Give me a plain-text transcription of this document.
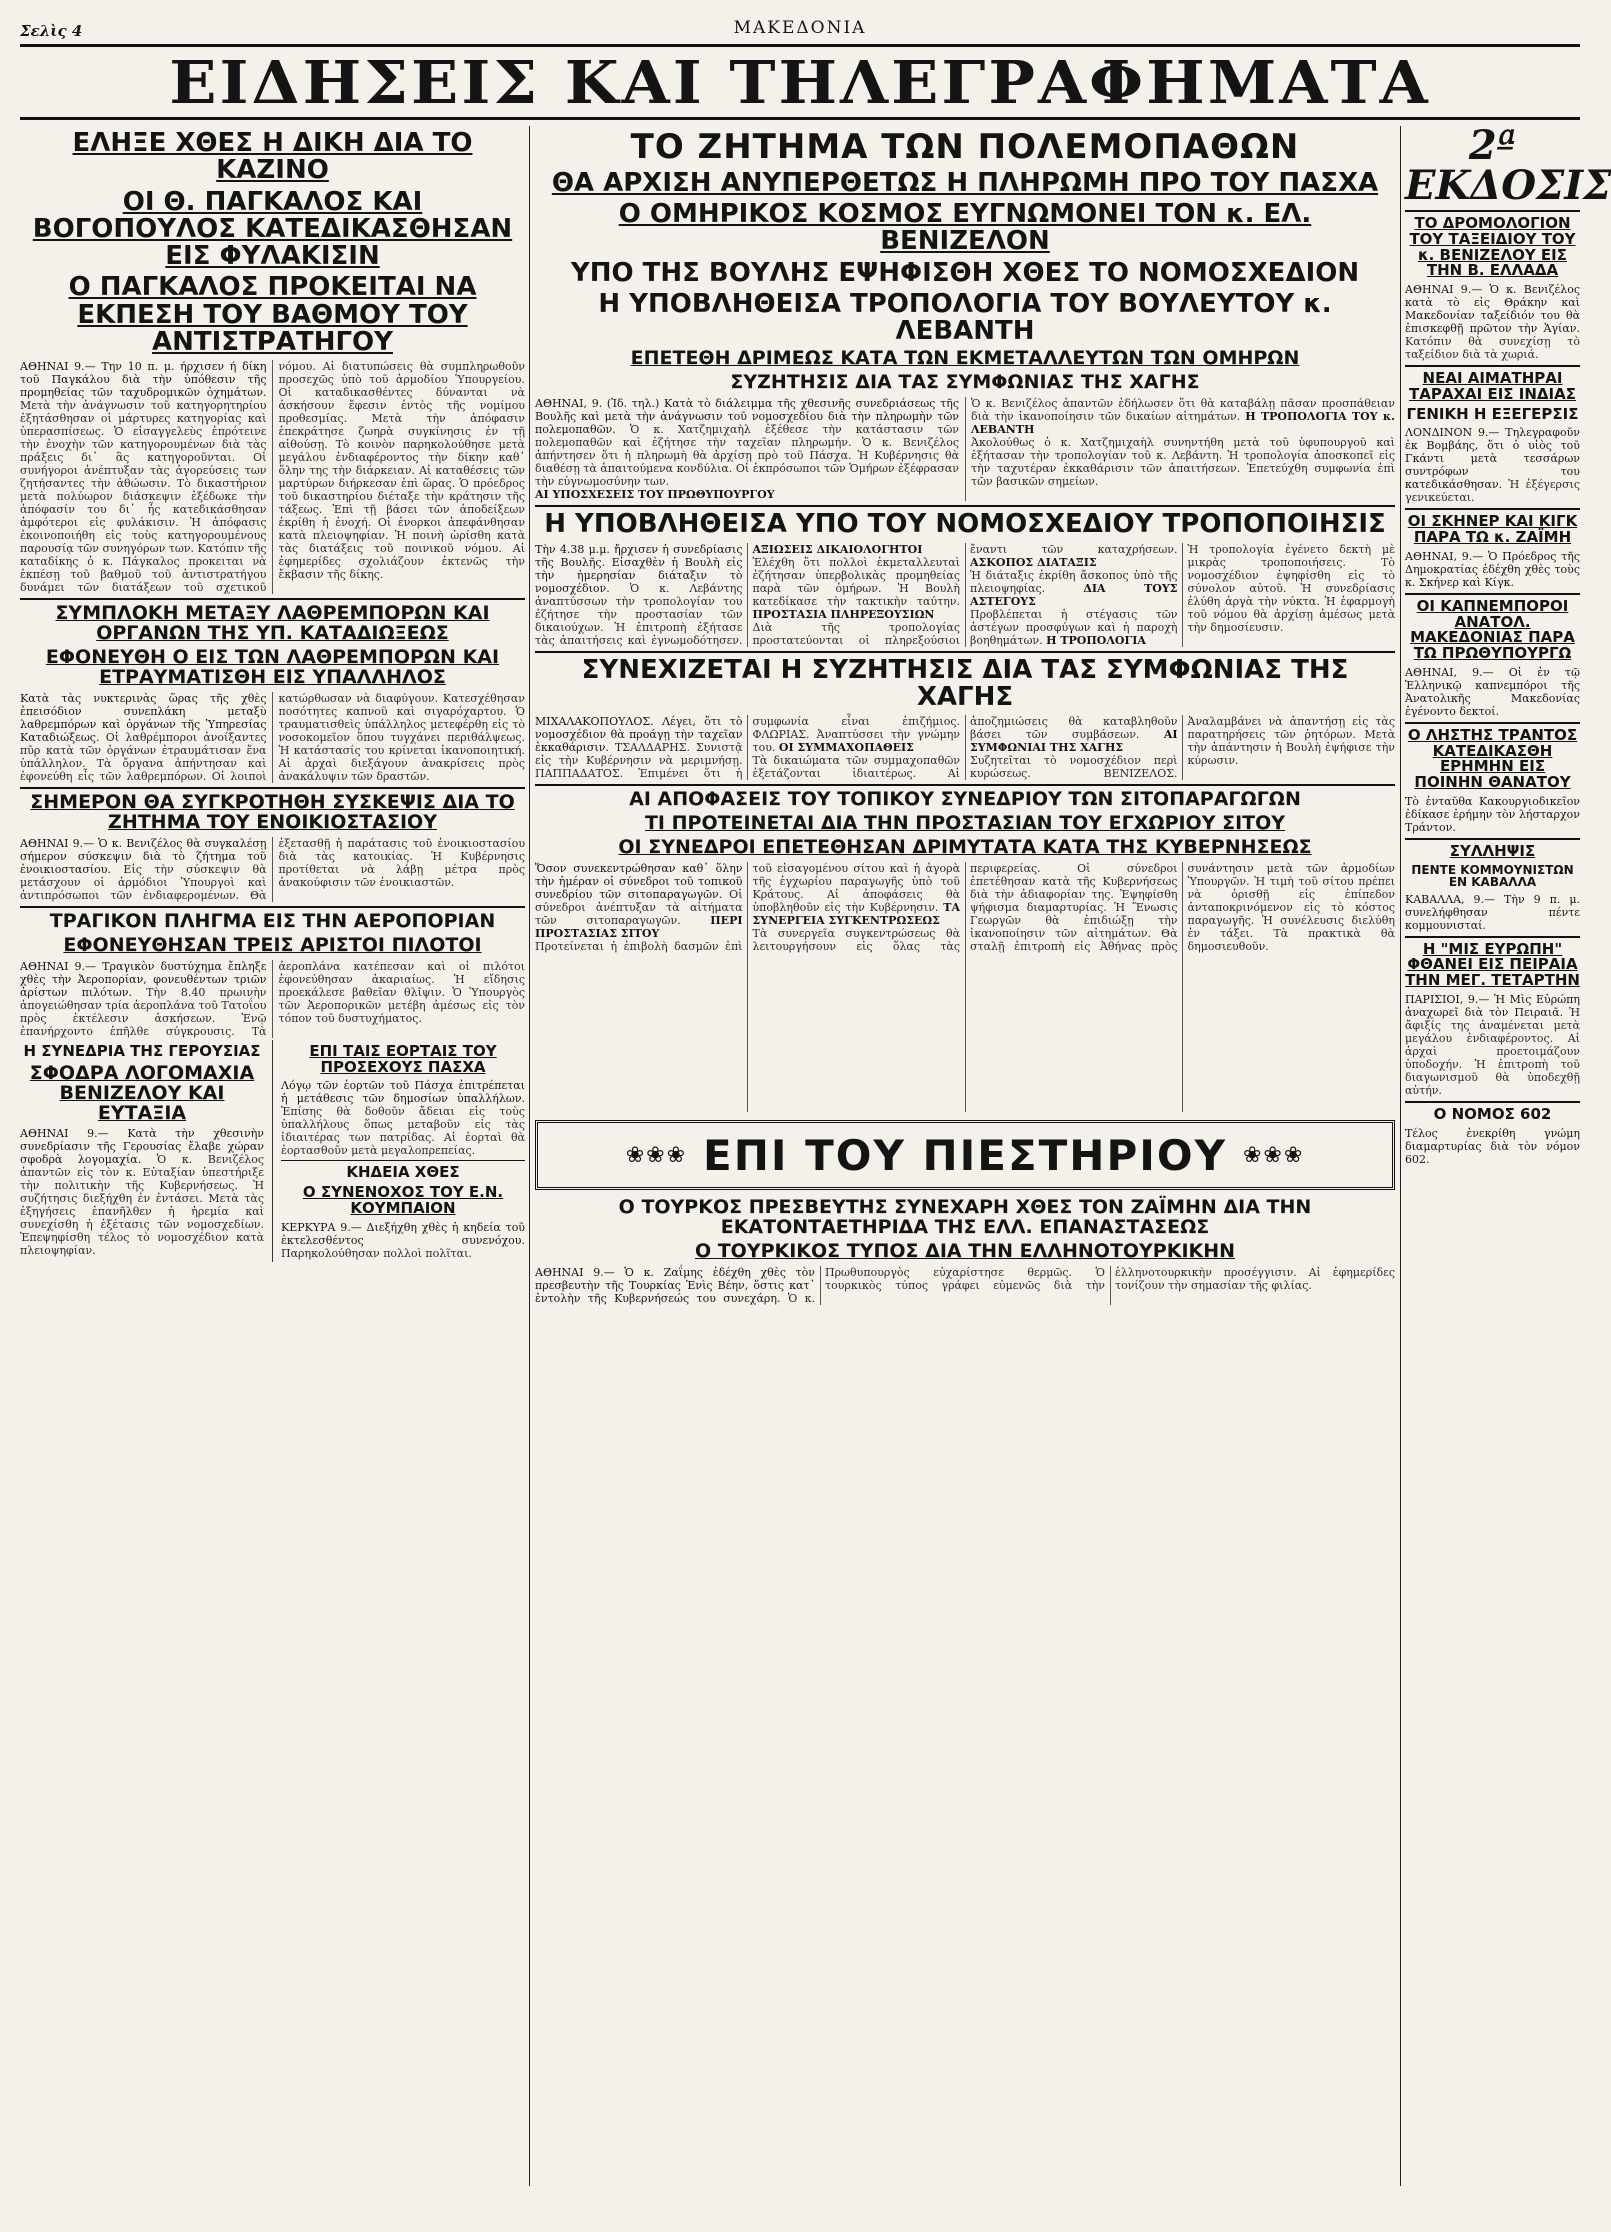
Σελὶς 4	ΜΑΚΕΔΟΝΙΑ
ΕΙΔΗΣΕΙΣ ΚΑΙ ΤΗΛΕΓΡΑΦΗΜΑΤΑ
ΕΛΗΞΕ ΧΘΕΣ Η ΔΙΚΗ ΔΙΑ ΤΟ ΚΑΖΙΝΟ
ΟΙ Θ. ΠΑΓΚΑΛΟΣ ΚΑΙ ΒΟΓΟΠΟΥΛΟΣ ΚΑΤΕΔΙΚΑΣΘΗΣΑΝ ΕΙΣ ΦΥΛΑΚΙΣΙΝ
Ο ΠΑΓΚΑΛΟΣ ΠΡΟΚΕΙΤΑΙ ΝΑ ΕΚΠΕΣΗ ΤΟΥ ΒΑΘΜΟΥ ΤΟΥ ΑΝΤΙΣΤΡΑΤΗΓΟΥ
ΑΘΗΝΑΙ 9.— Την 10 π. μ. ήρχισεν ή δίκη τοῦ Παγκάλου διὰ τὴν ὑπόθεσιν τῆς προμηθείας τῶν ταχυδρομικῶν ὀχημάτων. Μετὰ τὴν ἀνάγνωσιν τοῦ κατηγορητηρίου ἐξητάσθησαν οἱ μάρτυρες κατηγορίας καὶ ὑπερασπίσεως. Ὁ εἰσαγγελεὺς ἐπρότεινε τὴν ἐνοχὴν τῶν κατηγορουμένων διὰ τὰς πράξεις δι᾽ ἃς κατηγοροῦνται. Οἱ συνήγοροι ἀνέπτυξαν τὰς ἀγορεύσεις των ζητήσαντες τὴν ἀθώωσιν. Τὸ δικαστήριον μετὰ πολύωρον διάσκεψιν ἐξέδωκε τὴν ἀπόφασίν του δι᾽ ἧς κατεδικάσθησαν ἀμφότεροι εἰς φυλάκισιν. Ἡ ἀπόφασις ἐκοινοποιήθη εἰς τοὺς κατηγορουμένους παρουσίᾳ τῶν συνηγόρων των. Κατόπιν τῆς καταδίκης ὁ κ. Πάγκαλος προκειται νὰ ἐκπέσῃ τοῦ βαθμοῦ τοῦ ἀντιστρατήγου δυνάμει τῶν διατάξεων τοῦ σχετικοῦ νόμου. Αἱ διατυπώσεις θὰ συμπληρωθοῦν προσεχῶς ὑπὸ τοῦ ἁρμοδίου Ὑπουργείου. Οἱ καταδικασθέντες δύνανται νὰ ἀσκήσουν ἔφεσιν ἐντὸς τῆς νομίμου προθεσμίας. Μετὰ τὴν ἀπόφασιν ἐπεκράτησε ζωηρὰ συγκίνησις ἐν τῇ αἰθούσῃ. Τὸ κοινὸν παρηκολούθησε μετὰ μεγάλου ἐνδιαφέροντος τὴν δίκην καθ᾽ ὅλην της τὴν διάρκειαν. Αἱ καταθέσεις τῶν μαρτύρων διήρκεσαν ἐπὶ ὥρας. Ὁ πρόεδρος τοῦ δικαστηρίου διέταξε τὴν κράτησιν τῆς τάξεως. Ἐπὶ τῇ βάσει τῶν ἀποδείξεων ἐκρίθη ἡ ἐνοχή. Οἱ ἐνορκοι ἀπεφάνθησαν κατὰ πλειοψηφίαν. Ἡ ποινὴ ὡρίσθη κατὰ τὰς διατάξεις τοῦ ποινικοῦ νόμου. Αἱ ἐφημερίδες σχολιάζουν ἐκτενῶς τὴν ἔκβασιν τῆς δίκης.
ΣΥΜΠΛΟΚΗ ΜΕΤΑΞΥ ΛΑΘΡΕΜΠΟΡΩΝ ΚΑΙ ΟΡΓΑΝΩΝ ΤΗΣ ΥΠ. ΚΑΤΑΔΙΩΞΕΩΣ
ΕΦΟΝΕΥΘΗ Ο ΕΙΣ ΤΩΝ ΛΑΘΡΕΜΠΟΡΩΝ ΚΑΙ ΕΤΡΑΥΜΑΤΙΣΘΗ ΕΙΣ ΥΠΑΛΛΗΛΟΣ
Κατὰ τὰς νυκτερινὰς ὥρας τῆς χθὲς ἐπεισόδιον συνεπλάκη μεταξὺ λαθρεμπόρων καὶ ὀργάνων τῆς Ὑπηρεσίας Καταδιώξεως. Οἱ λαθρέμποροι ἀνοίξαντες πῦρ κατὰ τῶν ὀργάνων ἐτραυμάτισαν ἕνα ὑπάλληλον. Τὰ ὄργανα ἀπήντησαν καὶ ἐφονεύθη εἷς τῶν λαθρεμπόρων. Οἱ λοιποὶ κατώρθωσαν νὰ διαφύγουν. Κατεσχέθησαν ποσότητες καπνοῦ καὶ σιγαρόχαρτου. Ὁ τραυματισθεὶς ὑπάλληλος μετεφέρθη εἰς τὸ νοσοκομεῖον ὅπου τυγχάνει περιθάλψεως. Ἡ κατάστασίς του κρίνεται ἱκανοποιητική. Αἱ ἀρχαὶ διεξάγουν ἀνακρίσεις πρὸς ἀνακάλυψιν τῶν δραστῶν.
ΣΗΜΕΡΟΝ ΘΑ ΣΥΓΚΡΟΤΗΘΗ ΣΥΣΚΕΨΙΣ ΔΙΑ ΤΟ ΖΗΤΗΜΑ ΤΟΥ ΕΝΟΙΚΙΟΣΤΑΣΙΟΥ
ΑΘΗΝΑΙ 9.— Ὁ κ. Βενιζέλος θὰ συγκαλέσῃ σήμερον σύσκεψιν διὰ τὸ ζήτημα τοῦ ἐνοικιοστασίου. Εἰς τὴν σύσκεψιν θὰ μετάσχουν οἱ ἁρμόδιοι Ὑπουργοὶ καὶ ἀντιπρόσωποι τῶν ἐνδιαφερομένων. Θὰ ἐξετασθῇ ἡ παράτασις τοῦ ἐνοικιοστασίου διὰ τὰς κατοικίας. Ἡ Κυβέρνησις προτίθεται νὰ λάβῃ μέτρα πρὸς ἀνακούφισιν τῶν ἐνοικιαστῶν.
ΤΡΑΓΙΚΟΝ ΠΛΗΓΜΑ ΕΙΣ ΤΗΝ ΑΕΡΟΠΟΡΙΑΝ
ΕΦΟΝΕΥΘΗΣΑΝ ΤΡΕΙΣ ΑΡΙΣΤΟΙ ΠΙΛΟΤΟΙ
ΑΘΗΝΑΙ 9.— Τραγικὸν δυστύχημα ἔπληξε χθὲς τὴν Ἀεροπορίαν, φονευθέντων τριῶν ἀρίστων πιλότων. Τὴν 8.40 πρωινὴν ἀπογειώθησαν τρία ἀεροπλάνα τοῦ Τατοΐου πρὸς ἐκτέλεσιν ἀσκήσεων. Ἐνῷ ἐπανήρχοντο ἐπῆλθε σύγκρουσις. Τὰ ἀεροπλάνα κατέπεσαν καὶ οἱ πιλότοι ἐφονεύθησαν ἀκαριαίως. Ἡ εἴδησις προεκάλεσε βαθεῖαν θλῖψιν. Ὁ Ὑπουργὸς τῶν Ἀεροπορικῶν μετέβη ἀμέσως εἰς τὸν τόπον τοῦ δυστυχήματος.
Η ΣΥΝΕΔΡΙΑ ΤΗΣ ΓΕΡΟΥΣΙΑΣ
ΣΦΟΔΡΑ ΛΟΓΟΜΑΧΙΑ ΒΕΝΙΖΕΛΟΥ ΚΑΙ ΕΥΤΑΞΙΑ
ΑΘΗΝΑΙ 9.— Κατὰ τὴν χθεσινὴν συνεδρίασιν τῆς Γερουσίας ἔλαβε χώραν σφοδρὰ λογομαχία. Ὁ κ. Βενιζέλος ἀπαντῶν εἰς τὸν κ. Εὐταξίαν ὑπεστήριξε τὴν πολιτικὴν τῆς Κυβερνήσεως. Ἡ συζήτησις διεξήχθη ἐν ἐντάσει. Μετὰ τὰς ἐξηγήσεις ἐπανῆλθεν ἡ ἠρεμία καὶ συνεχίσθη ἡ ἐξέτασις τῶν νομοσχεδίων. Ἐπεψηφίσθη τέλος τὸ νομοσχέδιον κατὰ πλειοψηφίαν.
ΕΠΙ ΤΑΙΣ ΕΟΡΤΑΙΣ ΤΟΥ ΠΡΟΣΕΧΟΥΣ ΠΑΣΧΑ
Λόγῳ τῶν ἑορτῶν τοῦ Πάσχα ἐπιτρέπεται ἡ μετάθεσις τῶν δημοσίων ὑπαλλήλων. Ἐπίσης θὰ δοθοῦν ἄδειαι εἰς τοὺς ὑπαλλήλους ὅπως μεταβοῦν εἰς τὰς ἰδιαιτέρας των πατρίδας. Αἱ ἑορταὶ θὰ ἑορτασθοῦν μετὰ μεγαλοπρεπείας.
ΚΗΔΕΙΑ ΧΘΕΣ
Ο ΣΥΝΕΝΟΧΟΣ ΤΟΥ Ε.Ν. ΚΟΥΜΠΑΙΟΝ
ΚΕΡΚΥΡΑ 9.— Διεξήχθη χθὲς ἡ κηδεία τοῦ ἐκτελεσθέντος συνενόχου. Παρηκολούθησαν πολλοὶ πολῖται.
ΤΟ ΖΗΤΗΜΑ ΤΩΝ ΠΟΛΕΜΟΠΑΘΩΝ
ΘΑ ΑΡΧΙΣΗ ΑΝΥΠΕΡΘΕΤΩΣ Η ΠΛΗΡΩΜΗ ΠΡΟ ΤΟΥ ΠΑΣΧΑ
Ο ΟΜΗΡΙΚΟΣ ΚΟΣΜΟΣ ΕΥΓΝΩΜΟΝΕΙ ΤΟΝ κ. ΕΛ. ΒΕΝΙΖΕΛΟΝ
ΥΠΟ ΤΗΣ ΒΟΥΛΗΣ ΕΨΗΦΙΣΘΗ ΧΘΕΣ ΤΟ ΝΟΜΟΣΧΕΔΙΟΝ
Η ΥΠΟΒΛΗΘΕΙΣΑ ΤΡΟΠΟΛΟΓΙΑ ΤΟΥ ΒΟΥΛΕΥΤΟΥ κ. ΛΕΒΑΝΤΗ
ΕΠΕΤΕΘΗ ΔΡΙΜΕΩΣ ΚΑΤΑ ΤΩΝ ΕΚΜΕΤΑΛΛΕΥΤΩΝ ΤΩΝ ΟΜΗΡΩΝ
ΣΥΖΗΤΗΣΙΣ ΔΙΑ ΤΑΣ ΣΥΜΦΩΝΙΑΣ ΤΗΣ ΧΑΓΗΣ
ΑΘΗΝΑΙ, 9. (Ἰδ. τηλ.) Κατὰ τὸ διάλειμμα τῆς χθεσινῆς συνεδριάσεως τῆς Βουλῆς καὶ μετὰ τὴν ἀνάγνωσιν τοῦ νομοσχεδίου διὰ τὴν πληρωμὴν τῶν πολεμοπαθῶν. Ὁ κ. Χατζημιχαὴλ ἐξέθεσε τὴν κατάστασιν τῶν πολεμοπαθῶν καὶ ἐζήτησε τὴν ταχεῖαν πληρωμήν. Ὁ κ. Βενιζέλος ἀπήντησεν ὅτι ἡ πληρωμὴ θὰ ἀρχίσῃ πρὸ τοῦ Πάσχα. Ἡ Κυβέρνησις θὰ διαθέσῃ τὰ ἀπαιτούμενα κονδύλια. Οἱ ἐκπρόσωποι τῶν Ὁμήρων ἐξέφρασαν τὴν εὐγνωμοσύνην των.
ΑΙ ΥΠΟΣΧΕΣΕΙΣ ΤΟΥ ΠΡΩΘΥΠΟΥΡΓΟΥ
Ὁ κ. Βενιζέλος ἀπαντῶν ἐδήλωσεν ὅτι θὰ καταβάλῃ πᾶσαν προσπάθειαν διὰ τὴν ἱκανοποίησιν τῶν δικαίων αἰτημάτων. Η ΤΡΟΠΟΛΟΓΙΑ ΤΟΥ κ. ΛΕΒΑΝΤΗ
Ἀκολούθως ὁ κ. Χατζημιχαὴλ συνηντήθη μετὰ τοῦ ὑφυπουργοῦ καὶ ἐξήτασαν τὴν τροπολογίαν τοῦ κ. Λεβάντη. Ἡ τροπολογία ἀποσκοπεῖ εἰς τὴν ταχυτέραν ἐκκαθάρισιν τῶν ἀπαιτήσεων. Ἐπετεύχθη συμφωνία ἐπὶ τῶν βασικῶν σημείων.
Η ΥΠΟΒΛΗΘΕΙΣΑ ΥΠΟ ΤΟΥ ΝΟΜΟΣΧΕΔΙΟΥ ΤΡΟΠΟΠΟΙΗΣΙΣ
Τὴν 4.38 μ.μ. ἤρχισεν ἡ συνεδρίασις τῆς Βουλῆς. Εἰσαχθὲν ἡ Βουλὴ εἰς τὴν ἡμερησίαν διάταξιν τὸ νομοσχέδιον. Ὁ κ. Λεβάντης ἀναπτύσσων τὴν τροπολογίαν του ἐζήτησε τὴν προστασίαν τῶν δικαιούχων. Ἡ ἐπιτροπὴ ἐξήτασε τὰς ἀπαιτήσεις καὶ ἐγνωμοδότησεν. ΑΞΙΩΣΕΙΣ ΔΙΚΑΙΟΛΟΓΗΤΟΙ
Ἐλέχθη ὅτι πολλοὶ ἐκμεταλλευταὶ ἐζήτησαν ὑπερβολικὰς προμηθείας παρὰ τῶν ὁμήρων. Ἡ Βουλὴ κατεδίκασε τὴν τακτικὴν ταύτην. ΠΡΟΣΤΑΣΙΑ ΠΛΗΡΕΞΟΥΣΙΩΝ
Διὰ τῆς τροπολογίας προστατεύονται οἱ πληρεξούσιοι ἔναντι τῶν καταχρήσεων. ΑΣΚΟΠΟΣ ΔΙΑΤΑΞΙΣ
Ἡ διάταξις ἐκρίθη ἄσκοπος ὑπὸ τῆς πλειοψηφίας. ΔΙΑ ΤΟΥΣ ΑΣΤΕΓΟΥΣ
Προβλέπεται ἡ στέγασις τῶν ἀστέγων προσφύγων καὶ ἡ παροχὴ βοηθημάτων. Η ΤΡΟΠΟΛΟΓΙΑ
Ἡ τροπολογία ἐγένετο δεκτὴ μὲ μικρὰς τροποποιήσεις. Τὸ νομοσχέδιον ἐψηφίσθη εἰς τὸ σύνολον αὐτοῦ. Ἡ συνεδρίασις ἐλύθη ἀργὰ τὴν νύκτα. Ἡ ἐφαρμογὴ τοῦ νόμου θὰ ἀρχίσῃ ἀμέσως μετὰ τὴν δημοσίευσιν.
ΣΥΝΕΧΙΖΕΤΑΙ Η ΣΥΖΗΤΗΣΙΣ ΔΙΑ ΤΑΣ ΣΥΜΦΩΝΙΑΣ ΤΗΣ ΧΑΓΗΣ
ΜΙΧΑΛΑΚΟΠΟΥΛΟΣ. Λέγει, ὅτι τὸ νομοσχέδιον θὰ προάγῃ τὴν ταχεῖαν ἐκκαθάρισιν. ΤΣΑΛΔΑΡΗΣ. Συνιστᾷ εἰς τὴν Κυβέρνησιν νὰ μεριμνήσῃ. ΠΑΠΠΑΔΑΤΟΣ. Ἐπιμένει ὅτι ἡ συμφωνία εἶναι ἐπιζήμιος. ΦΛΩΡΙΑΣ. Ἀναπτύσσει τὴν γνώμην του. ΟΙ ΣΥΜΜΑΧΟΠΑΘΕΙΣ
Τὰ δικαιώματα τῶν συμμαχοπαθῶν ἐξετάζονται ἰδιαιτέρως. Αἱ ἀποζημιώσεις θὰ καταβληθοῦν βάσει τῶν συμβάσεων. ΑΙ ΣΥΜΦΩΝΙΑΙ ΤΗΣ ΧΑΓΗΣ
Συζητεῖται τὸ νομοσχέδιον περὶ κυρώσεως. ΒΕΝΙΖΕΛΟΣ. Ἀναλαμβάνει νὰ ἀπαντήσῃ εἰς τὰς παρατηρήσεις τῶν ῥητόρων. Μετὰ τὴν ἀπάντησιν ἡ Βουλὴ ἐψήφισε τὴν κύρωσιν.
ΑΙ ΑΠΟΦΑΣΕΙΣ ΤΟΥ ΤΟΠΙΚΟΥ ΣΥΝΕΔΡΙΟΥ ΤΩΝ ΣΙΤΟΠΑΡΑΓΩΓΩΝ
ΤΙ ΠΡΟΤΕΙΝΕΤΑΙ ΔΙΑ ΤΗΝ ΠΡΟΣΤΑΣΙΑΝ ΤΟΥ ΕΓΧΩΡΙΟΥ ΣΙΤΟΥ
ΟΙ ΣΥΝΕΔΡΟΙ ΕΠΕΤΕΘΗΣΑΝ ΔΡΙΜΥΤΑΤΑ ΚΑΤΑ ΤΗΣ ΚΥΒΕΡΝΗΣΕΩΣ
Ὅσον συνεκεντρώθησαν καθ᾽ ὅλην τὴν ἡμέραν οἱ σύνεδροι τοῦ τοπικοῦ συνεδρίου τῶν σιτοπαραγωγῶν. Οἱ σύνεδροι ἀνέπτυξαν τὰ αἰτήματα τῶν σιτοπαραγωγῶν. ΠΕΡΙ ΠΡΟΣΤΑΣΙΑΣ ΣΙΤΟΥ
Προτείνεται ἡ ἐπιβολὴ δασμῶν ἐπὶ τοῦ εἰσαγομένου σίτου καὶ ἡ ἀγορὰ τῆς ἐγχωρίου παραγωγῆς ὑπὸ τοῦ Κράτους. Αἱ ἀποφάσεις θὰ ὑποβληθοῦν εἰς τὴν Κυβέρνησιν. ΤΑ ΣΥΝΕΡΓΕΙΑ ΣΥΓΚΕΝΤΡΩΣΕΩΣ
Τὰ συνεργεῖα συγκεντρώσεως θὰ λειτουργήσουν εἰς ὅλας τὰς περιφερείας. Οἱ σύνεδροι ἐπετέθησαν κατὰ τῆς Κυβερνήσεως διὰ τὴν ἀδιαφορίαν της. Ἐψηφίσθη ψήφισμα διαμαρτυρίας. Ἡ Ἕνωσις Γεωργῶν θὰ ἐπιδιώξῃ τὴν ἱκανοποίησιν τῶν αἰτημάτων. Θὰ σταλῇ ἐπιτροπὴ εἰς Ἀθήνας πρὸς συνάντησιν μετὰ τῶν ἁρμοδίων Ὑπουργῶν. Ἡ τιμὴ τοῦ σίτου πρέπει νὰ ὁρισθῇ εἰς ἐπίπεδον ἀνταποκρινόμενον εἰς τὸ κόστος παραγωγῆς. Ἡ συνέλευσις διελύθη ἐν τάξει. Τὰ πρακτικὰ θὰ δημοσιευθοῦν.
❀❀❀ ΕΠΙ ΤΟΥ ΠΙΕΣΤΗΡΙΟΥ ❀❀❀
Ο ΤΟΥΡΚΟΣ ΠΡΕΣΒΕΥΤΗΣ ΣΥΝΕΧΑΡΗ ΧΘΕΣ ΤΟΝ ΖΑΪΜΗΝ ΔΙΑ ΤΗΝ ΕΚΑΤΟΝΤΑΕΤΗΡΙΔΑ ΤΗΣ ΕΛΛ. ΕΠΑΝΑΣΤΑΣΕΩΣ
Ο ΤΟΥΡΚΙΚΟΣ ΤΥΠΟΣ ΔΙΑ ΤΗΝ ΕΛΛΗΝΟΤΟΥΡΚΙΚΗΝ
ΑΘΗΝΑΙ 9.— Ὁ κ. Ζαΐμης ἐδέχθη χθὲς τὸν πρεσβευτὴν τῆς Τουρκίας Ἐνὶς Βέην, ὅστις κατ᾽ ἐντολὴν τῆς Κυβερνήσεώς του συνεχάρη. Ὁ κ. Πρωθυπουργὸς εὐχαρίστησε θερμῶς. Ὁ τουρκικὸς τύπος γράφει εὐμενῶς διὰ τὴν ἑλληνοτουρκικὴν προσέγγισιν. Αἱ ἐφημερίδες τονίζουν τὴν σημασίαν τῆς φιλίας.
2ª ΕΚΔΟΣΙΣ
ΤΟ ΔΡΟΜΟΛΟΓΙΟΝ ΤΟΥ ΤΑΞΕΙΔΙΟΥ ΤΟΥ κ. ΒΕΝΙΖΕΛΟΥ ΕΙΣ ΤΗΝ Β. ΕΛΛΑΔΑ
ΑΘΗΝΑΙ 9.— Ὁ κ. Βενιζέλος κατὰ τὸ εἰς Θράκην καὶ Μακεδονίαν ταξείδιόν του θὰ ἐπισκεφθῇ πρῶτον τὴν Ἁγίαν. Κατόπιν θὰ συνεχίσῃ τὸ ταξείδιον διὰ τὰ χωριά.
ΝΕΑΙ ΑΙΜΑΤΗΡΑΙ ΤΑΡΑΧΑΙ ΕΙΣ ΙΝΔΙΑΣ
ΓΕΝΙΚΗ Η ΕΞΕΓΕΡΣΙΣ
ΛΟΝΔΙΝΟΝ 9.— Τηλεγραφοῦν ἐκ Βομβάης, ὅτι ὁ υἱὸς τοῦ Γκάντι μετὰ τεσσάρων συντρόφων του κατεδικάσθησαν. Ἡ ἐξέγερσις γενικεύεται.
ΟΙ ΣΚΗΝΕΡ ΚΑΙ ΚΙΓΚ ΠΑΡΑ ΤΩ κ. ΖΑΪΜΗ
ΑΘΗΝΑΙ, 9.— Ὁ Πρόεδρος τῆς Δημοκρατίας ἐδέχθη χθὲς τοὺς κ. Σκήνερ καὶ Κίγκ.
ΟΙ ΚΑΠΝΕΜΠΟΡΟΙ ΑΝΑΤΟΛ. ΜΑΚΕΔΟΝΙΑΣ ΠΑΡΑ ΤΩ ΠΡΩΘΥΠΟΥΡΓΩ
ΑΘΗΝΑΙ, 9.— Οἱ ἐν τῷ Ἑλληνικῷ καπνεμπόροι τῆς Ἀνατολικῆς Μακεδονίας ἐγένοντο δεκτοί.
Ο ΛΗΣΤΗΣ ΤΡΑΝΤΟΣ ΚΑΤΕΔΙΚΑΣΘΗ ΕΡΗΜΗΝ ΕΙΣ ΠΟΙΝΗΝ ΘΑΝΑΤΟΥ
Τὸ ἐνταῦθα Κακουργιοδικεῖον ἐδίκασε ἐρήμην τὸν λήσταρχον Τράντον.
ΣΥΛΛΗΨΙΣ
ΠΕΝΤΕ ΚΟΜΜΟΥΝΙΣΤΩΝ ΕΝ ΚΑΒΑΛΛΑ
ΚΑΒΑΛΛΑ, 9.— Τὴν 9 π. μ. συνελήφθησαν πέντε κομμουνισταί.
Η "ΜΙΣ ΕΥΡΩΠΗ" ΦΘΑΝΕΙ ΕΙΣ ΠΕΙΡΑΙΑ ΤΗΝ ΜΕΓ. ΤΕΤΑΡΤΗΝ
ΠΑΡΙΣΙΟΙ, 9.— Ἡ Μὶς Εὐρώπη ἀναχωρεῖ διὰ τὸν Πειραιᾶ. Ἡ ἄφιξίς της ἀναμένεται μετὰ μεγάλου ἐνδιαφέροντος. Αἱ ἀρχαὶ προετοιμάζουν ὑποδοχήν. Ἡ ἐπιτροπὴ τοῦ διαγωνισμοῦ θὰ ὑποδεχθῇ αὐτήν.
Ο ΝΟΜΟΣ 602
Τέλος ἐνεκρίθη γνώμη διαμαρτυρίας διὰ τὸν νόμον 602.
